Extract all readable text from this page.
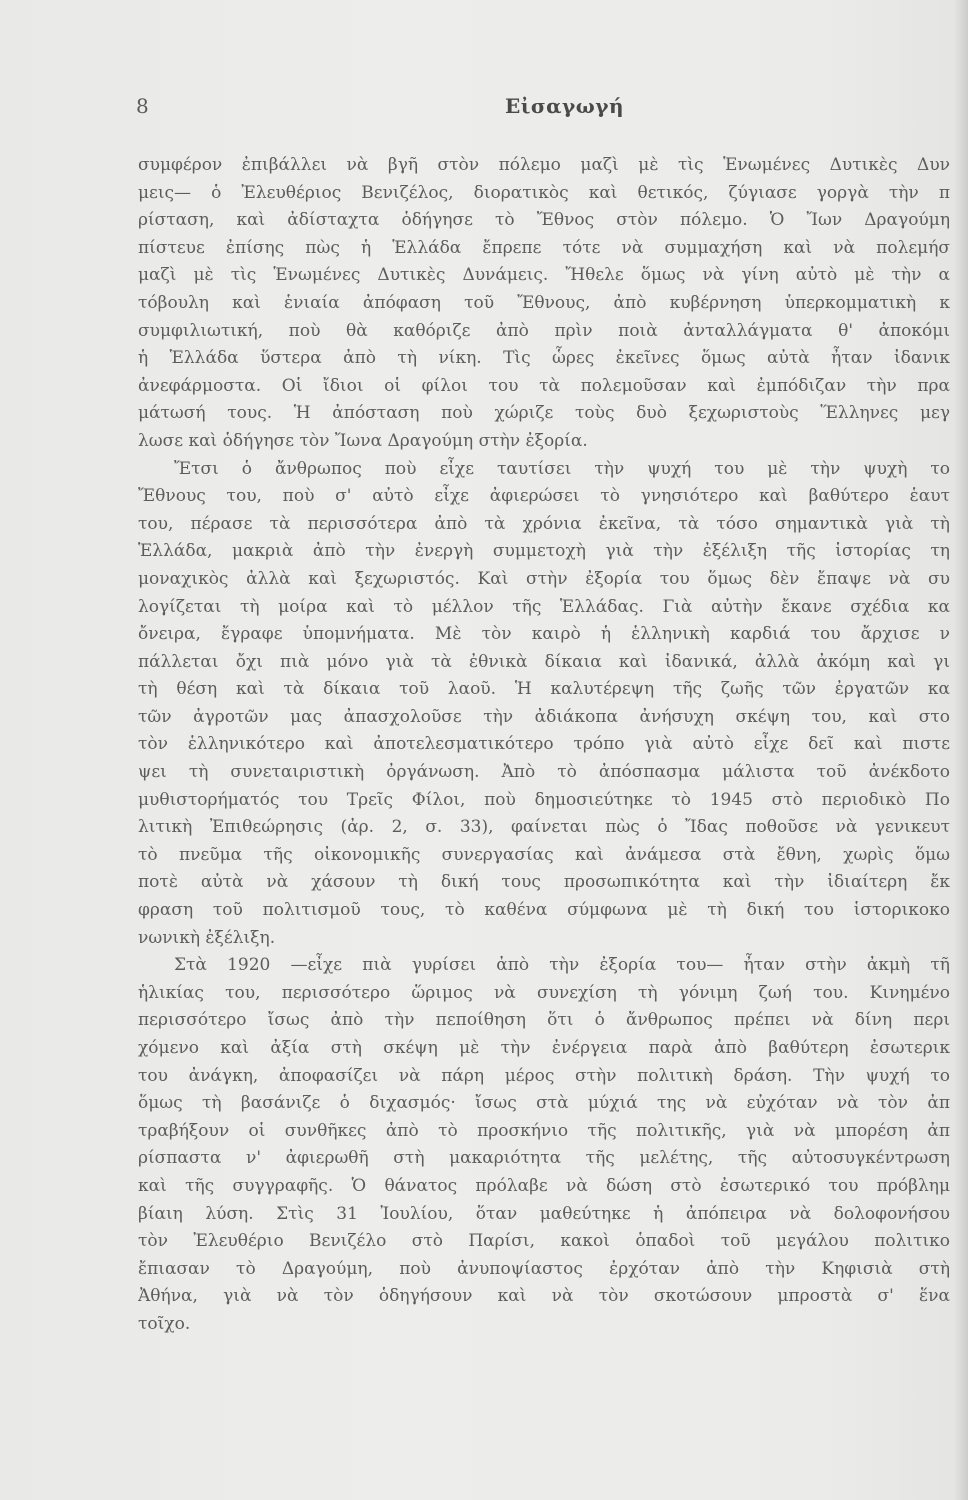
8	Εἰσαγωγή
συμφέρον ἐπιβάλλει νὰ βγῆ στὸν πόλεμο μαζὶ μὲ τὶς Ἑνωμένες Δυτικὲς Δυν
μεις— ὁ Ἐλευθέριος Βενιζέλος, διορατικὸς καὶ θετικός, ζύγιασε γοργὰ τὴν π
ρίσταση, καὶ ἀδίσταχτα ὁδήγησε τὸ Ἔθνος στὸν πόλεμο. Ὁ Ἴων Δραγούμη
πίστευε ἐπίσης πὼς ἡ Ἑλλάδα ἔπρεπε τότε νὰ συμμαχήση καὶ νὰ πολεμήσ
μαζὶ μὲ τὶς Ἑνωμένες Δυτικὲς Δυνάμεις. Ἤθελε ὅμως νὰ γίνη αὐτὸ μὲ τὴν α
τόβουλη καὶ ἑνιαία ἀπόφαση τοῦ Ἔθνους, ἀπὸ κυβέρνηση ὑπερκομματικὴ κ
συμφιλιωτική, ποὺ θὰ καθόριζε ἀπὸ πρὶν ποιὰ ἀνταλλάγματα θ' ἀποκόμι
ἡ Ἑλλάδα ὕστερα ἀπὸ τὴ νίκη. Τὶς ὧρες ἐκεῖνες ὅμως αὐτὰ ἦταν ἰδανικ
ἀνεφάρμοστα. Οἱ ἴδιοι οἱ φίλοι του τὰ πολεμοῦσαν καὶ ἐμπόδιζαν τὴν πρα
μάτωσή τους. Ἡ ἀπόσταση ποὺ χώριζε τοὺς δυὸ ξεχωριστοὺς Ἕλληνες μεγ
λωσε καὶ ὁδήγησε τὸν Ἴωνα Δραγούμη στὴν ἐξορία.
Ἔτσι ὁ ἄνθρωπος ποὺ εἶχε ταυτίσει τὴν ψυχή του μὲ τὴν ψυχὴ το
Ἔθνους του, ποὺ σ' αὐτὸ εἶχε ἀφιερώσει τὸ γνησιότερο καὶ βαθύτερο ἑαυτ
του, πέρασε τὰ περισσότερα ἀπὸ τὰ χρόνια ἐκεῖνα, τὰ τόσο σημαντικὰ γιὰ τὴ
Ἑλλάδα, μακριὰ ἀπὸ τὴν ἐνεργὴ συμμετοχὴ γιὰ τὴν ἐξέλιξη τῆς ἱστορίας τη
μοναχικὸς ἀλλὰ καὶ ξεχωριστός. Καὶ στὴν ἐξορία του ὅμως δὲν ἔπαψε νὰ συ
λογίζεται τὴ μοίρα καὶ τὸ μέλλον τῆς Ἑλλάδας. Γιὰ αὐτὴν ἔκανε σχέδια κα
ὄνειρα, ἔγραφε ὑπομνήματα. Μὲ τὸν καιρὸ ἡ ἑλληνικὴ καρδιά του ἄρχισε ν
πάλλεται ὄχι πιὰ μόνο γιὰ τὰ ἐθνικὰ δίκαια καὶ ἰδανικά, ἀλλὰ ἀκόμη καὶ γι
τὴ θέση καὶ τὰ δίκαια τοῦ λαοῦ. Ἡ καλυτέρεψη τῆς ζωῆς τῶν ἐργατῶν κα
τῶν ἀγροτῶν μας ἀπασχολοῦσε τὴν ἀδιάκοπα ἀνήσυχη σκέψη του, καὶ στο
τὸν ἑλληνικότερο καὶ ἀποτελεσματικότερο τρόπο γιὰ αὐτὸ εἶχε δεῖ καὶ πιστε
ψει τὴ συνεταιριστικὴ ὀργάνωση. Ἀπὸ τὸ ἀπόσπασμα μάλιστα τοῦ ἀνέκδοτο
μυθιστορήματός του Τρεῖς Φίλοι, ποὺ δημοσιεύτηκε τὸ 1945 στὸ περιοδικὸ Πο
λιτικὴ Ἐπιθεώρησις (ἀρ. 2, σ. 33), φαίνεται πὼς ὁ Ἴδας ποθοῦσε νὰ γενικευτ
τὸ πνεῦμα τῆς οἰκονομικῆς συνεργασίας καὶ ἀνάμεσα στὰ ἔθνη, χωρὶς ὅμω
ποτὲ αὐτὰ νὰ χάσουν τὴ δική τους προσωπικότητα καὶ τὴν ἰδιαίτερη ἔκ
φραση τοῦ πολιτισμοῦ τους, τὸ καθένα σύμφωνα μὲ τὴ δική του ἱστορικοκο
νωνικὴ ἐξέλιξη.
Στὰ 1920 —εἶχε πιὰ γυρίσει ἀπὸ τὴν ἐξορία του— ἦταν στὴν ἀκμὴ τῆ
ἡλικίας του, περισσότερο ὥριμος νὰ συνεχίση τὴ γόνιμη ζωή του. Κινημένο
περισσότερο ἴσως ἀπὸ τὴν πεποίθηση ὅτι ὁ ἄνθρωπος πρέπει νὰ δίνη περι
χόμενο καὶ ἀξία στὴ σκέψη μὲ τὴν ἐνέργεια παρὰ ἀπὸ βαθύτερη ἐσωτερικ
του ἀνάγκη, ἀποφασίζει νὰ πάρη μέρος στὴν πολιτικὴ δράση. Τὴν ψυχή το
ὅμως τὴ βασάνιζε ὁ διχασμός· ἴσως στὰ μύχιά της νὰ εὐχόταν νὰ τὸν ἀπ
τραβήξουν οἱ συνθῆκες ἀπὸ τὸ προσκήνιο τῆς πολιτικῆς, γιὰ νὰ μπορέση ἀπ
ρίσπαστα ν' ἀφιερωθῆ στὴ μακαριότητα τῆς μελέτης, τῆς αὐτοσυγκέντρωση
καὶ τῆς συγγραφῆς. Ὁ θάνατος πρόλαβε νὰ δώση στὸ ἐσωτερικό του πρόβλημ
βίαιη λύση. Στὶς 31 Ἰουλίου, ὅταν μαθεύτηκε ἡ ἀπόπειρα νὰ δολοφονήσου
τὸν Ἐλευθέριο Βενιζέλο στὸ Παρίσι, κακοὶ ὁπαδοὶ τοῦ μεγάλου πολιτικο
ἔπιασαν τὸ Δραγούμη, ποὺ ἀνυποψίαστος ἐρχόταν ἀπὸ τὴν Κηφισιὰ στὴ
Ἀθήνα, γιὰ νὰ τὸν ὁδηγήσουν καὶ νὰ τὸν σκοτώσουν μπροστὰ σ' ἕνα
τοῖχο.
